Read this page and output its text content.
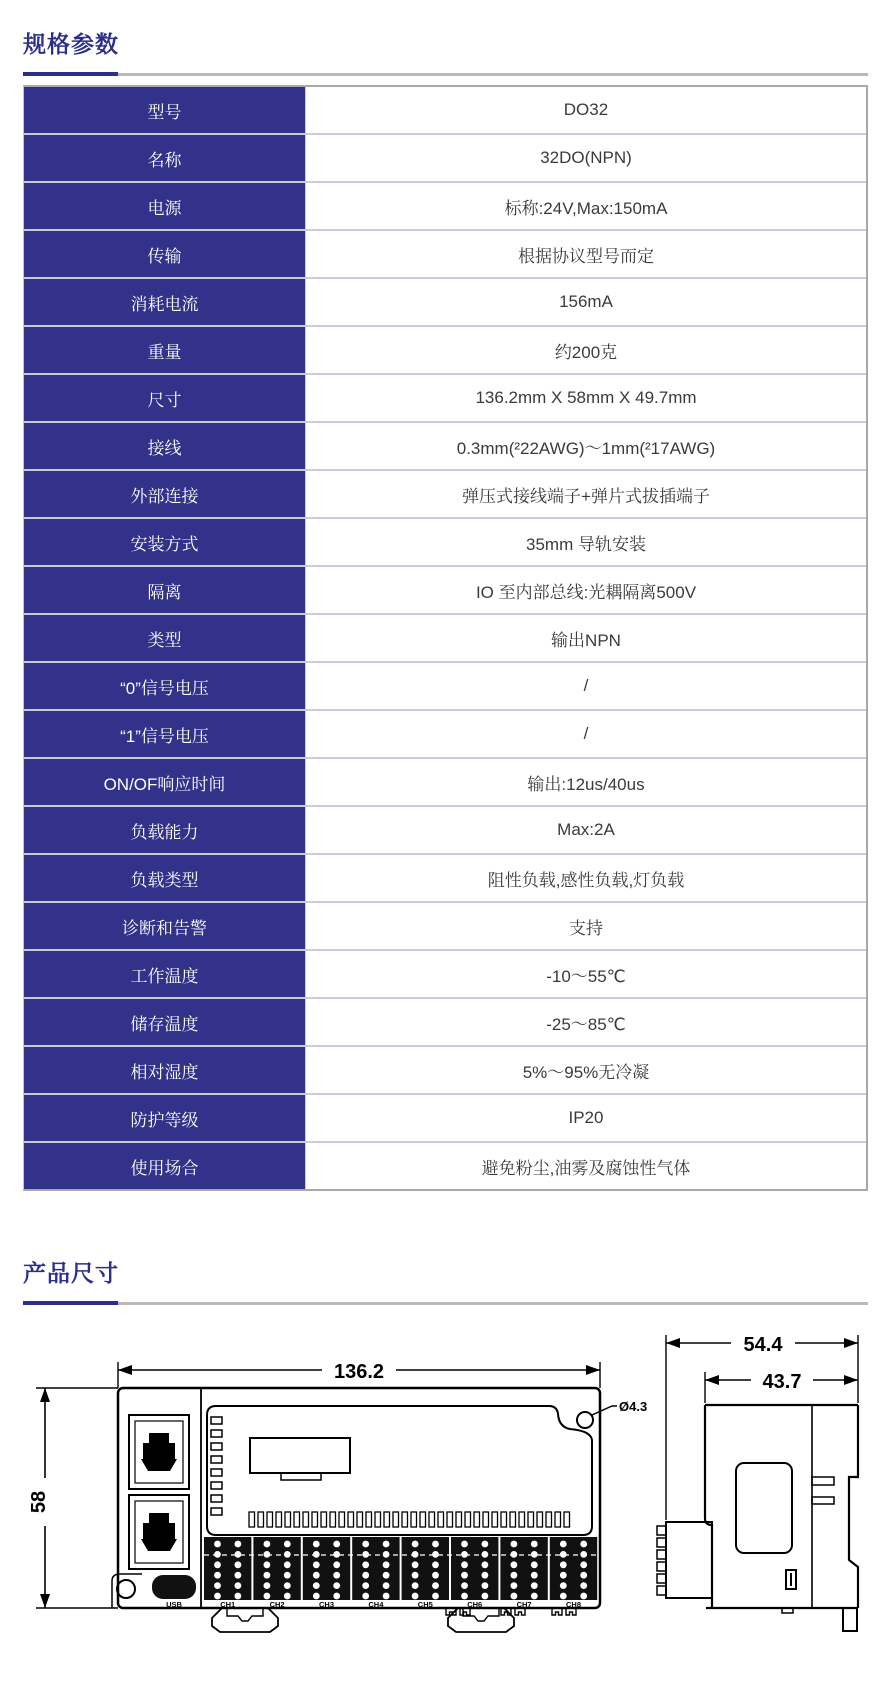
规格参数
型号	DO32
名称	32DO(NPN)
电源	标称:24V,Max:150mA
传输	根据协议型号而定
消耗电流	156mA
重量	约200克
尺寸	136.2mm X 58mm X 49.7mm
接线	0.3mm(²22AWG)～1mm(²17AWG)
外部连接	弹压式接线端子+弹片式拔插端子
安装方式	35mm 导轨安装
隔离	IO 至内部总线:光耦隔离500V
类型	输出NPN
“0”信号电压	/
“1”信号电压	/
ON/OF响应时间	输出:12us/40us
负载能力	Max:2A
负载类型	阻性负载,感性负载,灯负载
诊断和告警	支持
工作温度	-10～55℃
储存温度	-25～85℃
相对湿度	5%～95%无冷凝
防护等级	IP20
使用场合	避免粉尘,油雾及腐蚀性气体
产品尺寸
136.2
58
Ø4.3
CH1	CH2	CH3	CH4	CH5	CH6	CH7	CH8
USB
54.4
43.7
